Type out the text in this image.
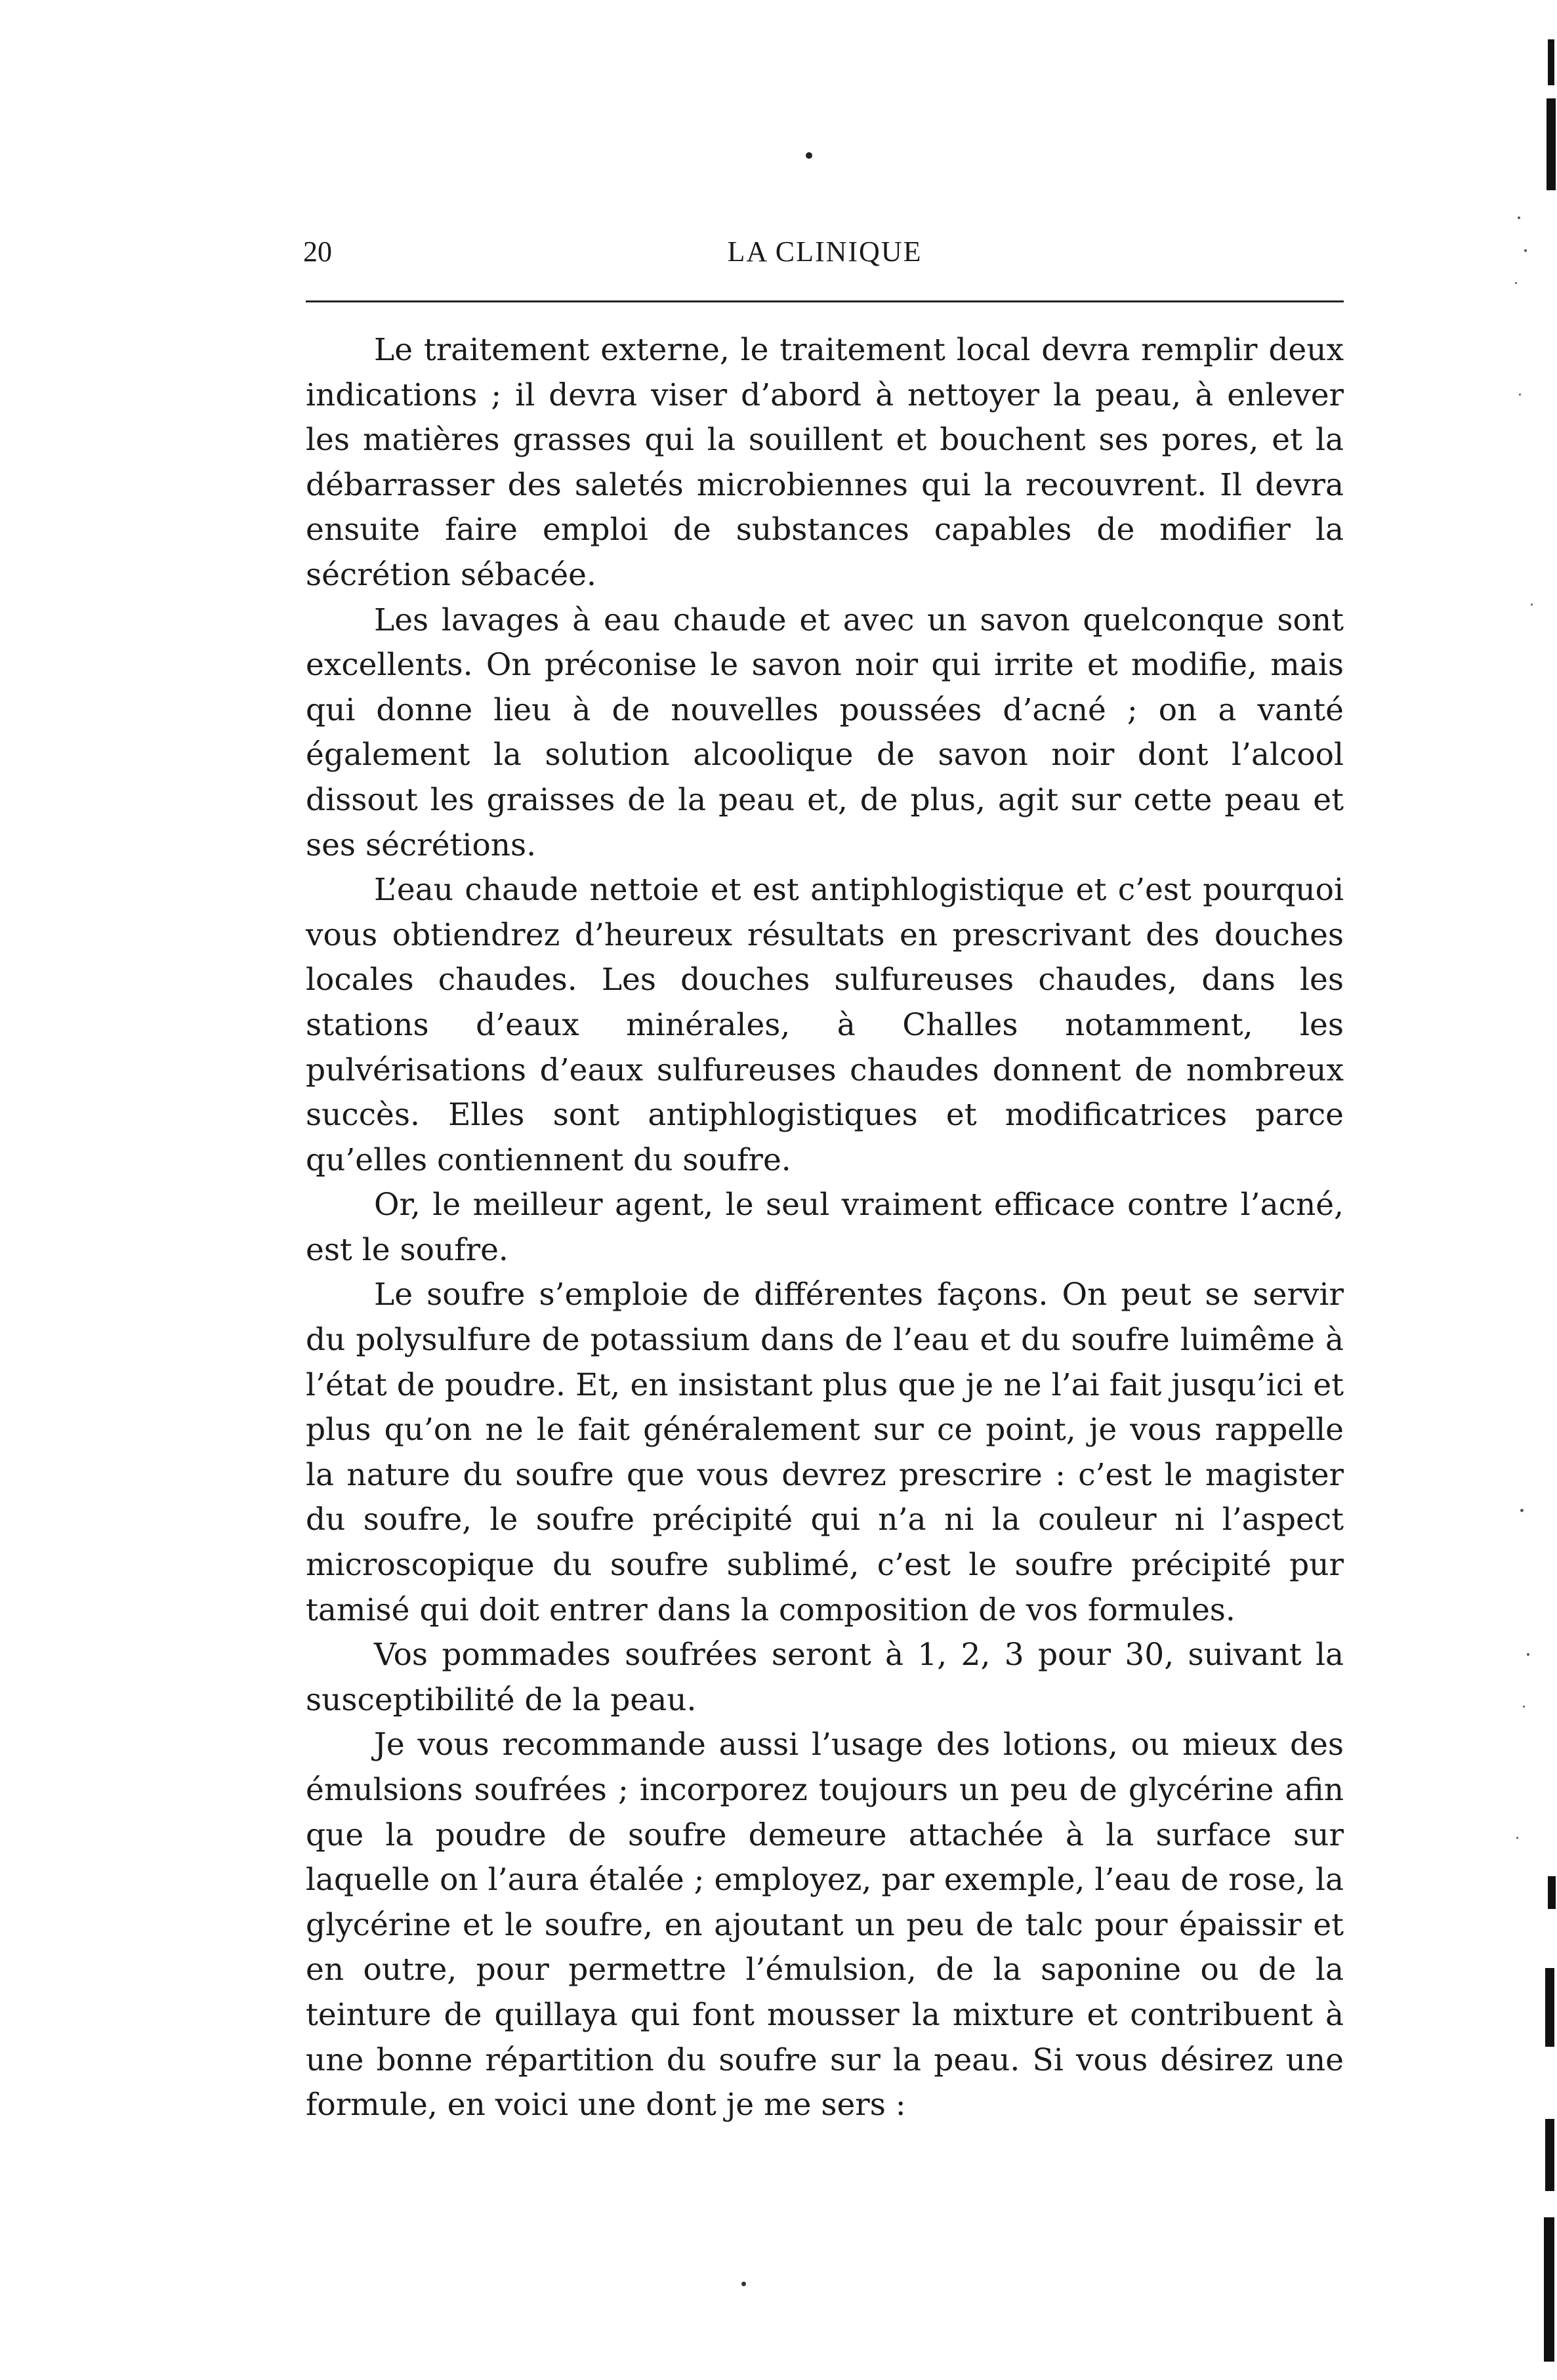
20	LA CLINIQUE

Le traitement externe, le traitement local devra remplir deux indications ; il devra viser d’abord à nettoyer la peau, à enlever les matières grasses qui la souillent et bouchent ses pores, et la débarrasser des saletés microbiennes qui la recouvrent. Il devra ensuite faire emploi de substances capables de modifier la sécrétion sébacée.

Les lavages à eau chaude et avec un savon quelconque sont excellents. On préconise le savon noir qui irrite et modifie, mais qui donne lieu à de nouvelles poussées d’acné ; on a vanté également la solution alcoolique de savon noir dont l’alcool dissout les graisses de la peau et, de plus, agit sur cette peau et ses sécrétions.

L’eau chaude nettoie et est antiphlogistique et c’est pourquoi vous obtiendrez d’heureux résultats en prescrivant des douches locales chaudes. Les douches sulfureuses chaudes, dans les stations d’eaux minérales, à Challes notamment, les pulvérisations d’eaux sulfureuses chaudes donnent de nombreux succès. Elles sont antiphlogistiques et modificatrices parce qu’elles contiennent du soufre.

Or, le meilleur agent, le seul vraiment efficace contre l’acné, est le soufre.

Le soufre s’emploie de différentes façons. On peut se servir du polysulfure de potassium dans de l’eau et du soufre luimême à l’état de poudre. Et, en insistant plus que je ne l’ai fait jusqu’ici et plus qu’on ne le fait généralement sur ce point, je vous rappelle la nature du soufre que vous devrez prescrire : c’est le magister du soufre, le soufre précipité qui n’a ni la couleur ni l’aspect microscopique du soufre sublimé, c’est le soufre précipité pur tamisé qui doit entrer dans la composition de vos formules.

Vos pommades soufrées seront à 1, 2, 3 pour 30, suivant la susceptibilité de la peau.

Je vous recommande aussi l’usage des lotions, ou mieux des émulsions soufrées ; incorporez toujours un peu de glycérine afin que la poudre de soufre demeure attachée à la surface sur laquelle on l’aura étalée ; employez, par exemple, l’eau de rose, la glycérine et le soufre, en ajoutant un peu de talc pour épaissir et en outre, pour permettre l’émulsion, de la saponine ou de la teinture de quillaya qui font mousser la mixture et contribuent à une bonne répartition du soufre sur la peau. Si vous désirez une formule, en voici une dont je me sers :
